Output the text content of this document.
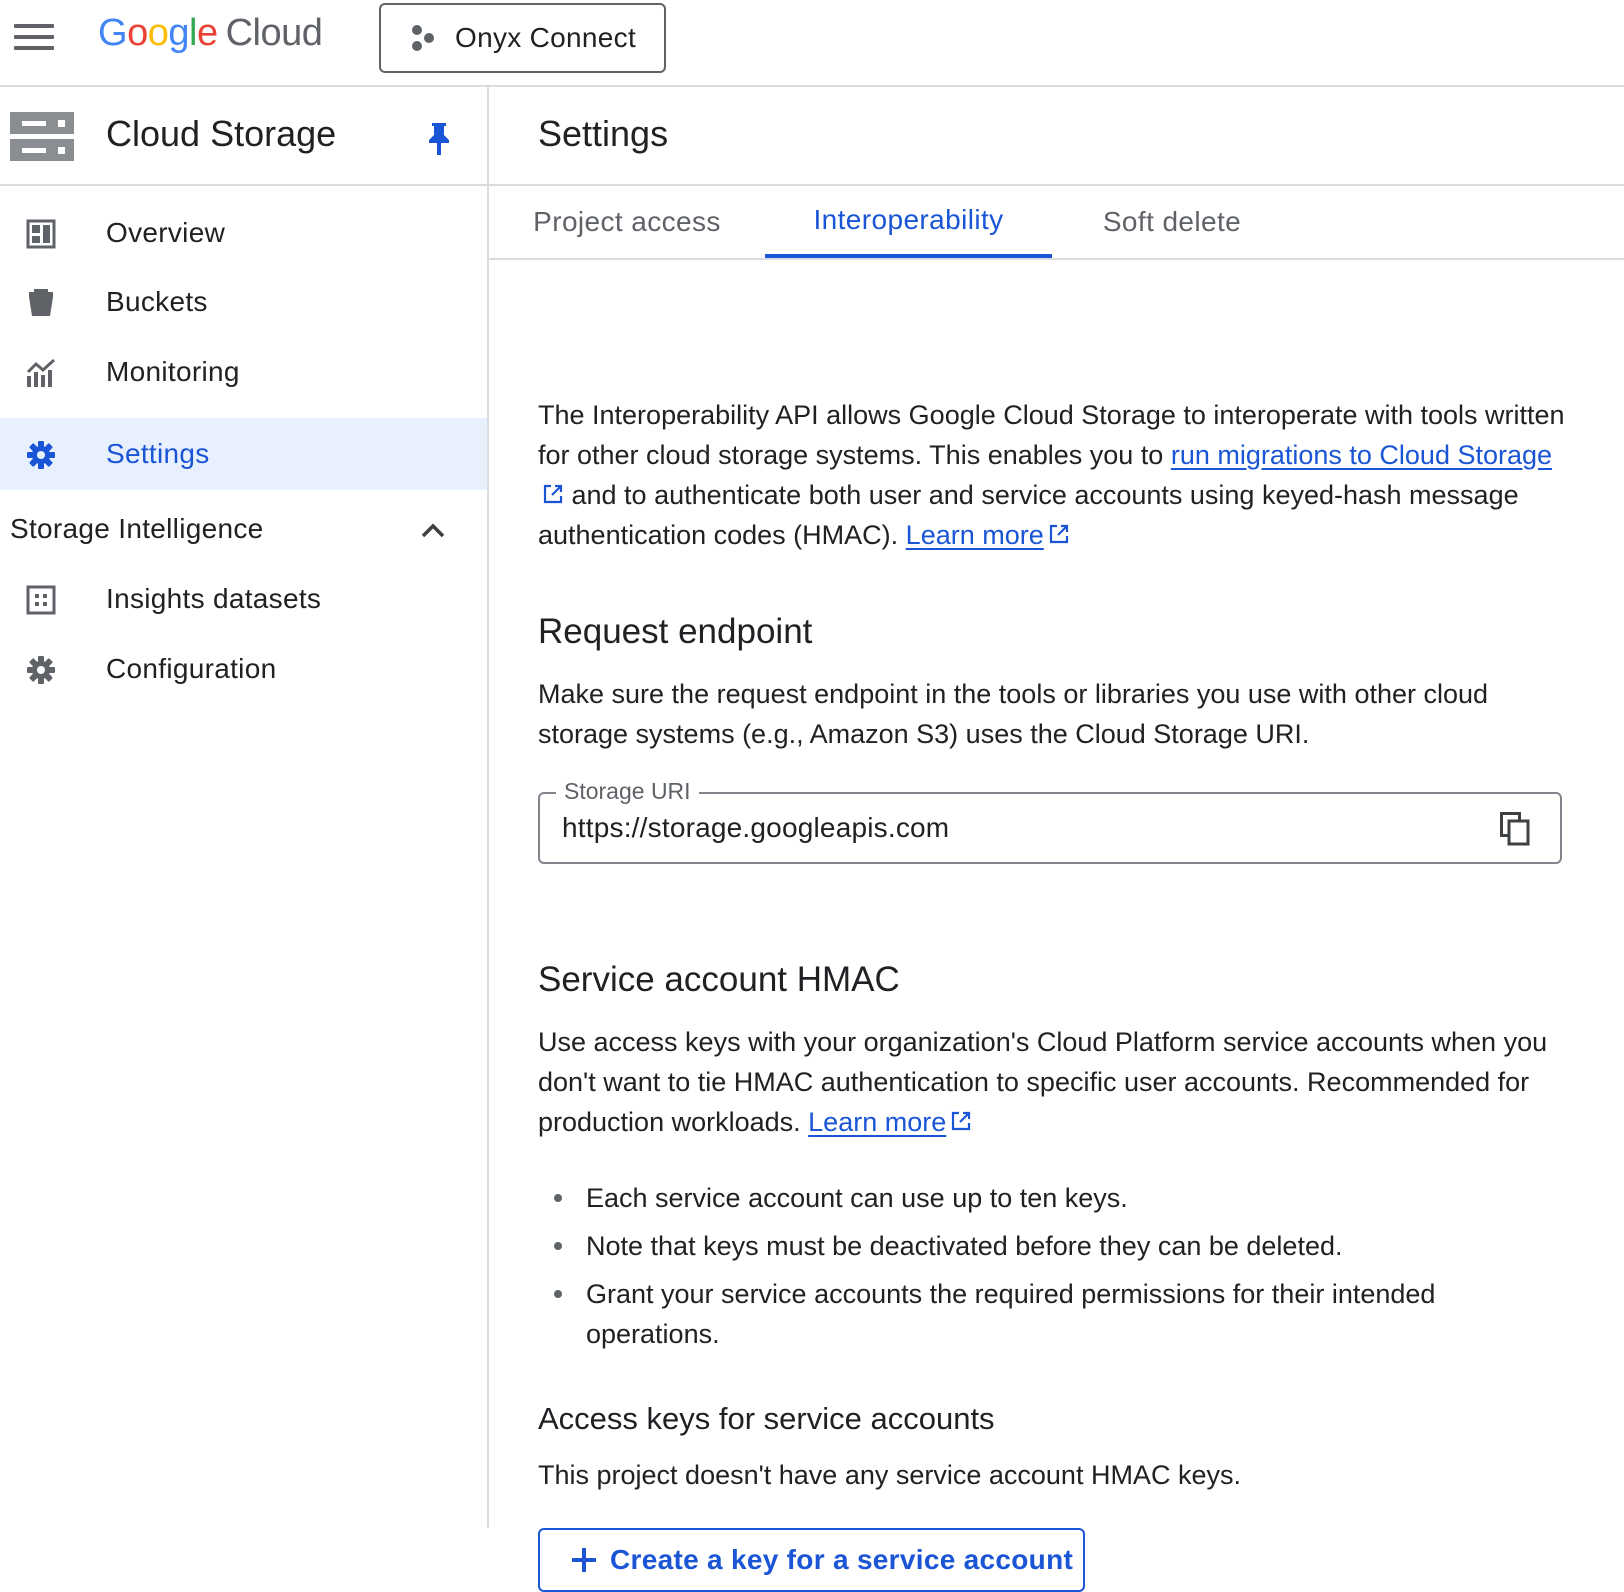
Google Cloud	Onyx Connect
Cloud Storage
Overview
Buckets
Monitoring
Settings
Storage Intelligence
Insights datasets
Configuration
Settings
Project access	Interoperability	Soft delete

The Interoperability API allows Google Cloud Storage to interoperate with tools written for other cloud storage systems. This enables you to run migrations to Cloud Storage and to authenticate both user and service accounts using keyed-hash message authentication codes (HMAC). Learn more

Request endpoint

Make sure the request endpoint in the tools or libraries you use with other cloud storage systems (e.g., Amazon S3) uses the Cloud Storage URI.

Storage URI
https://storage.googleapis.com
Service account HMAC

Use access keys with your organization's Cloud Platform service accounts when you don't want to tie HMAC authentication to specific user accounts. Recommended for production workloads. Learn more

Each service account can use up to ten keys.
Note that keys must be deactivated before they can be deleted.
Grant your service accounts the required permissions for their intended operations.
Access keys for service accounts

This project doesn't have any service account HMAC keys.

Create a key for a service account
